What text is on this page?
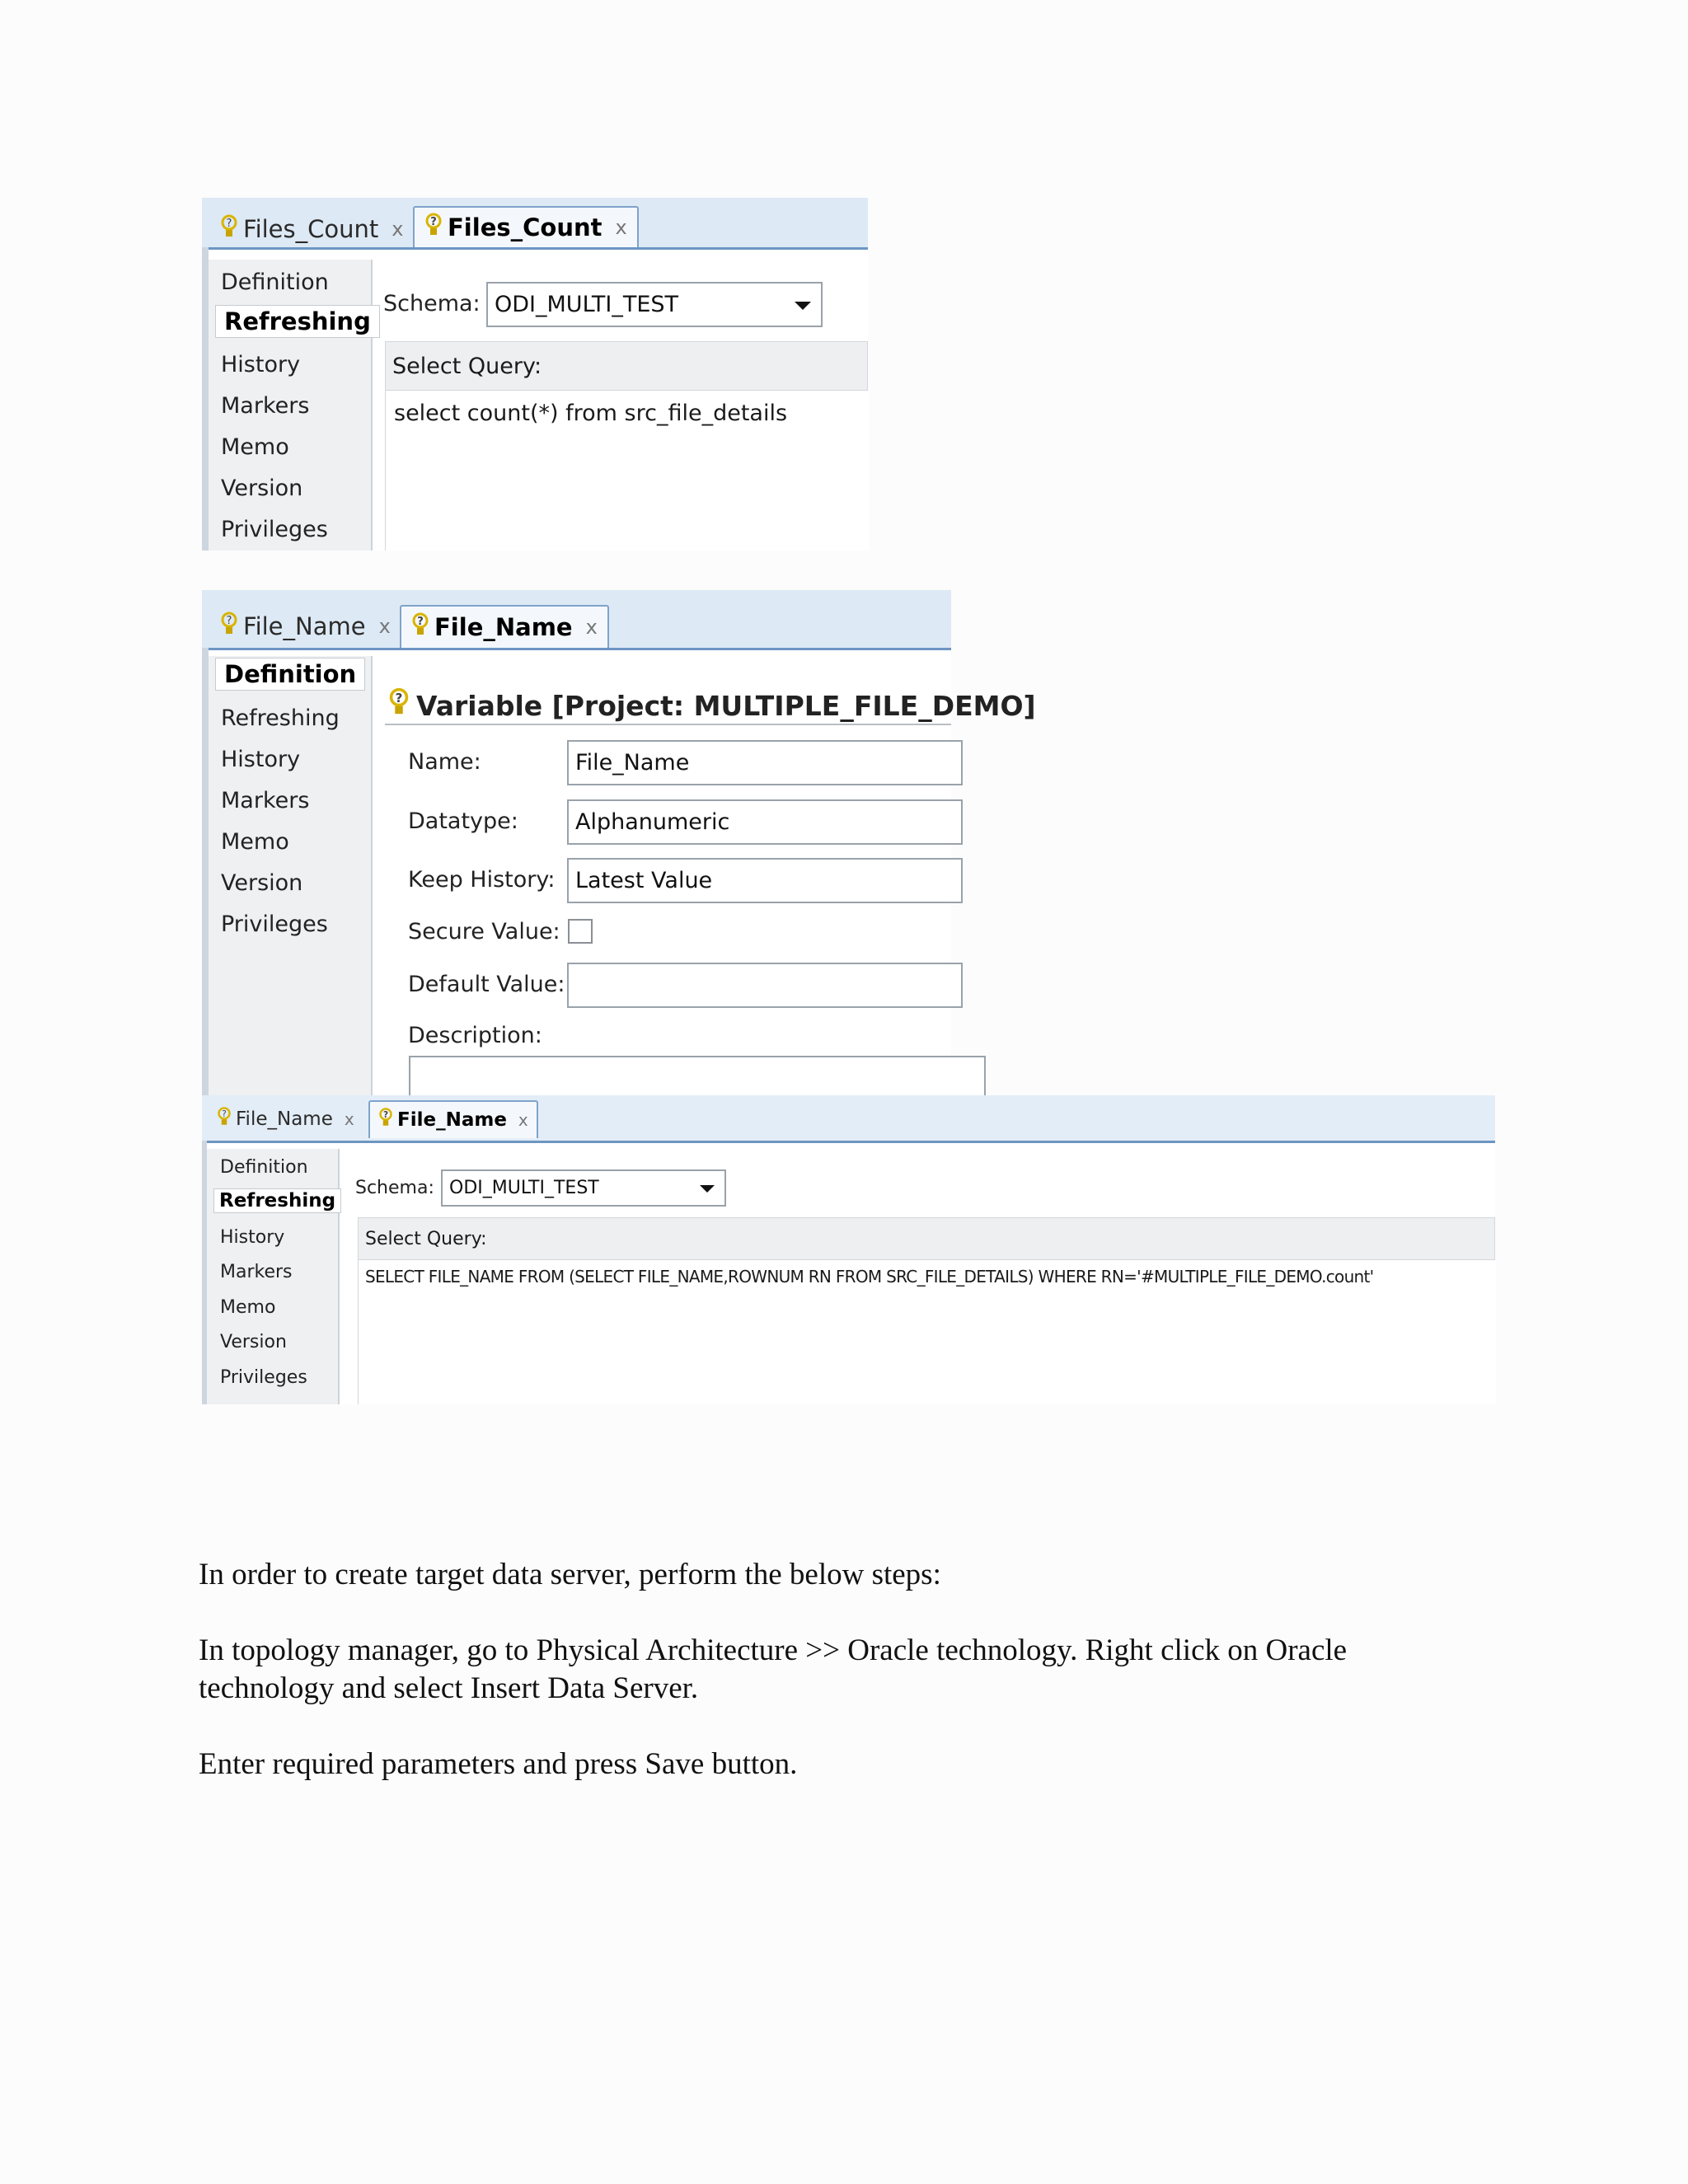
? Files_Count x	? Files_Count x
Definition
Refreshing
History
Markers
Memo
Version
Privileges
Schema: ODI_MULTI_TEST
Select Query:
select count(*) from src_file_details
? File_Name x ? File_Name x
Definition
Refreshing
History
Markers
Memo
Version
Privileges
? Variable [Project: MULTIPLE_FILE_DEMO]
Name:	File_Name
Datatype:	Alphanumeric
Keep History: Latest Value
Secure Value:
Default Value:
Description:
? File_Name x	? File_Name x
Definition
Refreshing
History
Markers
Memo
Version
Privileges
Schema: ODI_MULTI_TEST
Select Query:
SELECT FILE_NAME FROM (SELECT FILE_NAME,ROWNUM RN FROM SRC_FILE_DETAILS) WHERE RN='#MULTIPLE_FILE_DEMO.count'
In order to create target data server, perform the below steps:
In topology manager, go to Physical Architecture >> Oracle technology. Right click on Oracle
technology and select Insert Data Server.
Enter required parameters and press Save button.
